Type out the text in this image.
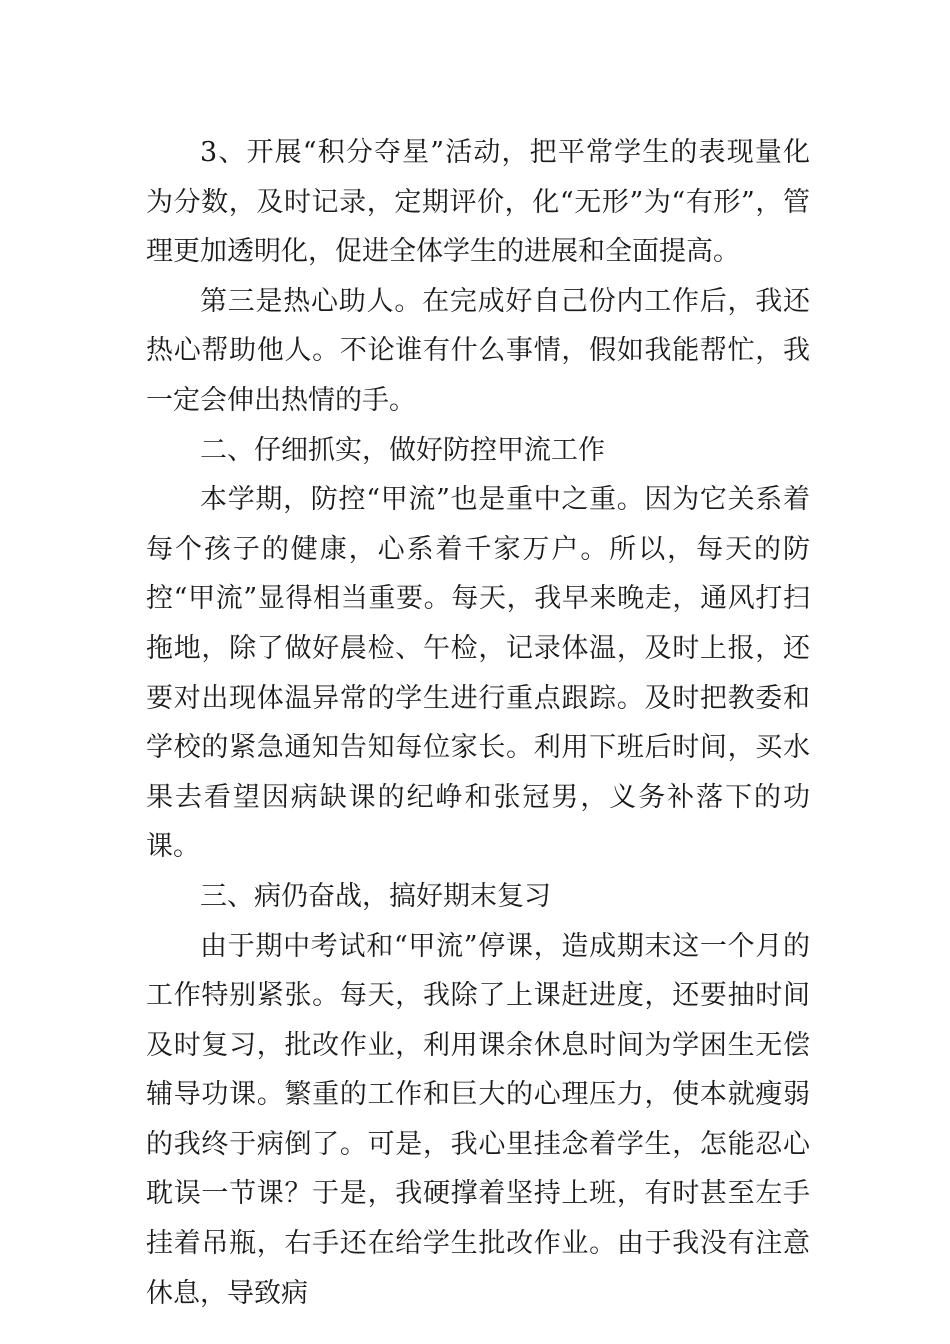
3、开展“积分夺星”活动，把平常学生的表现量化为分数，及时记录，定期评价，化“无形”为“有形”，管理更加透明化，促进全体学生的进展和全面提高。

第三是热心助人。在完成好自己份内工作后，我还热心帮助他人。不论谁有什么事情，假如我能帮忙，我一定会伸出热情的手。

二、仔细抓实，做好防控甲流工作

本学期，防控“甲流”也是重中之重。因为它关系着每个孩子的健康，心系着千家万户。所以，每天的防控“甲流”显得相当重要。每天，我早来晚走，通风打扫拖地，除了做好晨检、午检，记录体温，及时上报，还要对出现体温异常的学生进行重点跟踪。及时把教委和学校的紧急通知告知每位家长。利用下班后时间，买水果去看望因病缺课的纪峥和张冠男，义务补落下的功课。

三、病仍奋战，搞好期末复习

由于期中考试和“甲流”停课，造成期末这一个月的工作特别紧张。每天，我除了上课赶进度，还要抽时间及时复习，批改作业，利用课余休息时间为学困生无偿辅导功课。繁重的工作和巨大的心理压力，使本就瘦弱的我终于病倒了。可是，我心里挂念着学生，怎能忍心耽误一节课？于是，我硬撑着坚持上班，有时甚至左手挂着吊瓶，右手还在给学生批改作业。由于我没有注意休息，导致病
